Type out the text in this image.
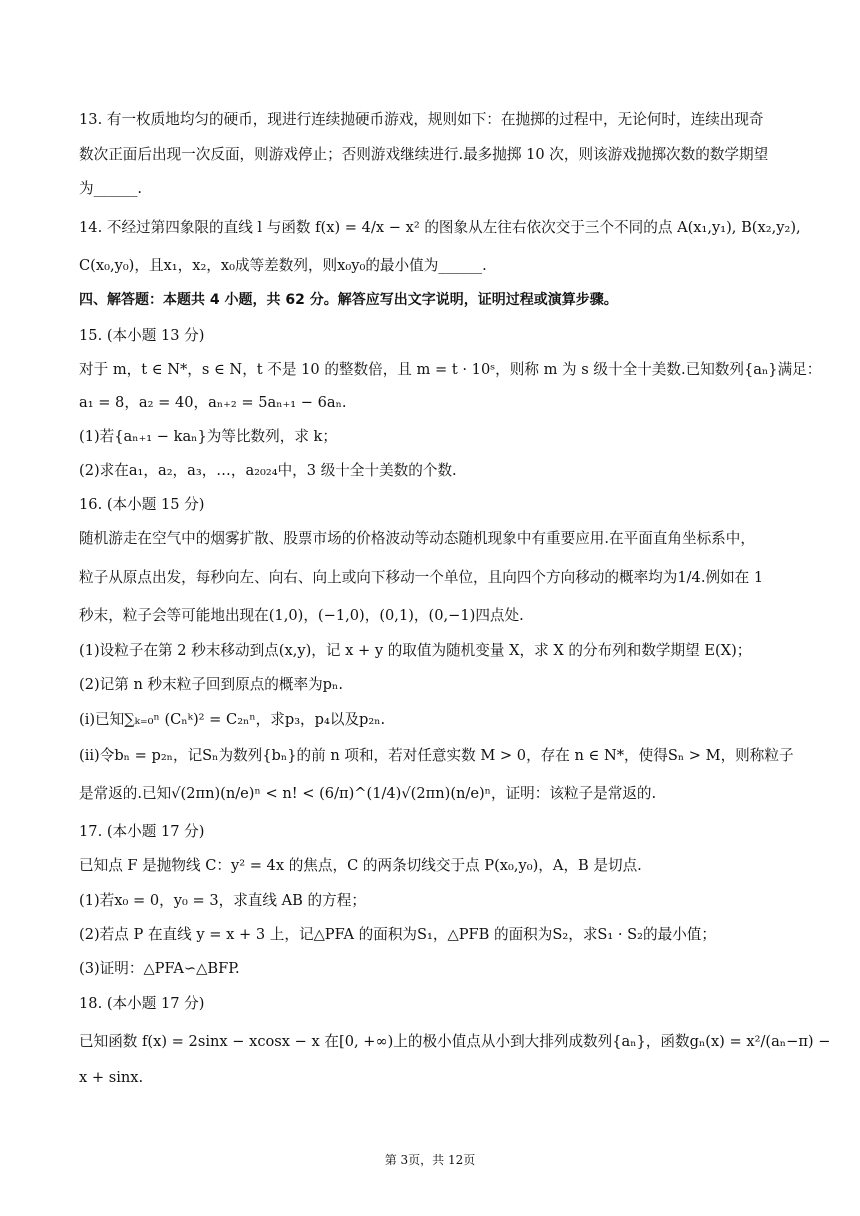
13. 有一枚质地均匀的硬币，现进行连续抛硬币游戏，规则如下：在抛掷的过程中，无论何时，连续出现奇
数次正面后出现一次反面，则游戏停止；否则游戏继续进行.最多抛掷 10 次，则该游戏抛掷次数的数学期望
为______.
14. 不经过第四象限的直线 l 与函数 f(x) = 4/x − x² 的图象从左往右依次交于三个不同的点 A(x₁,y₁), B(x₂,y₂),
C(x₀,y₀)，且x₁，x₂，x₀成等差数列，则x₀y₀的最小值为______.
四、解答题：本题共 4 小题，共 62 分。解答应写出文字说明，证明过程或演算步骤。
15. (本小题 13 分)
对于 m，t ∈ N*，s ∈ N，t 不是 10 的整数倍，且 m = t · 10ˢ，则称 m 为 s 级十全十美数.已知数列{aₙ}满足：
a₁ = 8，a₂ = 40，aₙ₊₂ = 5aₙ₊₁ − 6aₙ.
(1)若{aₙ₊₁ − kaₙ}为等比数列，求 k；
(2)求在a₁，a₂，a₃，…，a₂₀₂₄中，3 级十全十美数的个数.
16. (本小题 15 分)
随机游走在空气中的烟雾扩散、股票市场的价格波动等动态随机现象中有重要应用.在平面直角坐标系中，
粒子从原点出发，每秒向左、向右、向上或向下移动一个单位，且向四个方向移动的概率均为1/4.例如在 1
秒末，粒子会等可能地出现在(1,0)，(−1,0)，(0,1)，(0,−1)四点处.
(1)设粒子在第 2 秒末移动到点(x,y)，记 x + y 的取值为随机变量 X，求 X 的分布列和数学期望 E(X)；
(2)记第 n 秒末粒子回到原点的概率为pₙ.
(i)已知∑ₖ₌₀ⁿ (Cₙᵏ)² = C₂ₙⁿ，求p₃，p₄以及p₂ₙ.
(ii)令bₙ = p₂ₙ，记Sₙ为数列{bₙ}的前 n 项和，若对任意实数 M > 0，存在 n ∈ N*，使得Sₙ > M，则称粒子
是常返的.已知√(2πn)(n/e)ⁿ < n! < (6/π)^(1/4)√(2πn)(n/e)ⁿ，证明：该粒子是常返的.
17. (本小题 17 分)
已知点 F 是抛物线 C：y² = 4x 的焦点，C 的两条切线交于点 P(x₀,y₀)，A，B 是切点.
(1)若x₀ = 0，y₀ = 3，求直线 AB 的方程；
(2)若点 P 在直线 y = x + 3 上，记△PFA 的面积为S₁，△PFB 的面积为S₂，求S₁ · S₂的最小值；
(3)证明：△PFA∽△BFP.
18. (本小题 17 分)
已知函数 f(x) = 2sinx − xcosx − x 在[0, +∞)上的极小值点从小到大排列成数列{aₙ}，函数gₙ(x) = x²/(aₙ−π) −
x + sinx.
第 3页，共 12页
